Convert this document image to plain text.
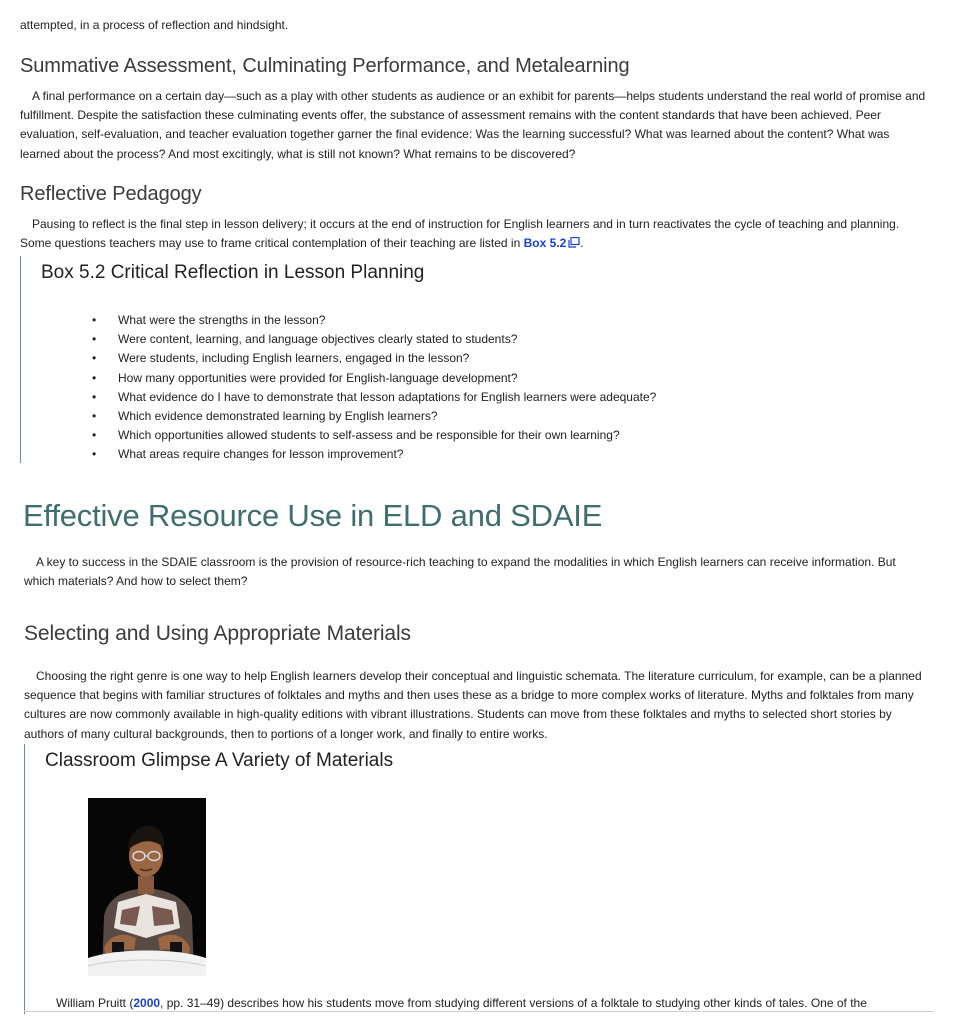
attempted, in a process of reflection and hindsight.

Summative Assessment, Culminating Performance, and Metalearning

A final performance on a certain day—such as a play with other students as audience or an exhibit for parents—helps students understand the real world of promise and fulfillment. Despite the satisfaction these culminating events offer, the substance of assessment remains with the content standards that have been achieved. Peer evaluation, self-evaluation, and teacher evaluation together garner the final evidence: Was the learning successful? What was learned about the content? What was learned about the process? And most excitingly, what is still not known? What remains to be discovered?

Reflective Pedagogy

Pausing to reflect is the final step in lesson delivery; it occurs at the end of instruction for English learners and in turn reactivates the cycle of teaching and planning. Some questions teachers may use to frame critical contemplation of their teaching are listed in Box 5.2 .

Box 5.2 Critical Reflection in Lesson Planning
• What were the strengths in the lesson?
• Were content, learning, and language objectives clearly stated to students?
• Were students, including English learners, engaged in the lesson?
• How many opportunities were provided for English-language development?
• What evidence do I have to demonstrate that lesson adaptations for English learners were adequate?
• Which evidence demonstrated learning by English learners?
• Which opportunities allowed students to self-assess and be responsible for their own learning?
• What areas require changes for lesson improvement?
Effective Resource Use in ELD and SDAIE

A key to success in the SDAIE classroom is the provision of resource-rich teaching to expand the modalities in which English learners can receive information. But which materials? And how to select them?

Selecting and Using Appropriate Materials

Choosing the right genre is one way to help English learners develop their conceptual and linguistic schemata. The literature curriculum, for example, can be a planned sequence that begins with familiar structures of folktales and myths and then uses these as a bridge to more complex works of literature. Myths and folktales from many cultures are now commonly available in high-quality editions with vibrant illustrations. Students can move from these folktales and myths to selected short stories by authors of many cultural backgrounds, then to portions of a longer work, and finally to entire works.

Classroom Glimpse A Variety of Materials

William Pruitt (2000, pp. 31–49) describes how his students move from studying different versions of a folktale to studying other kinds of tales. One of the
